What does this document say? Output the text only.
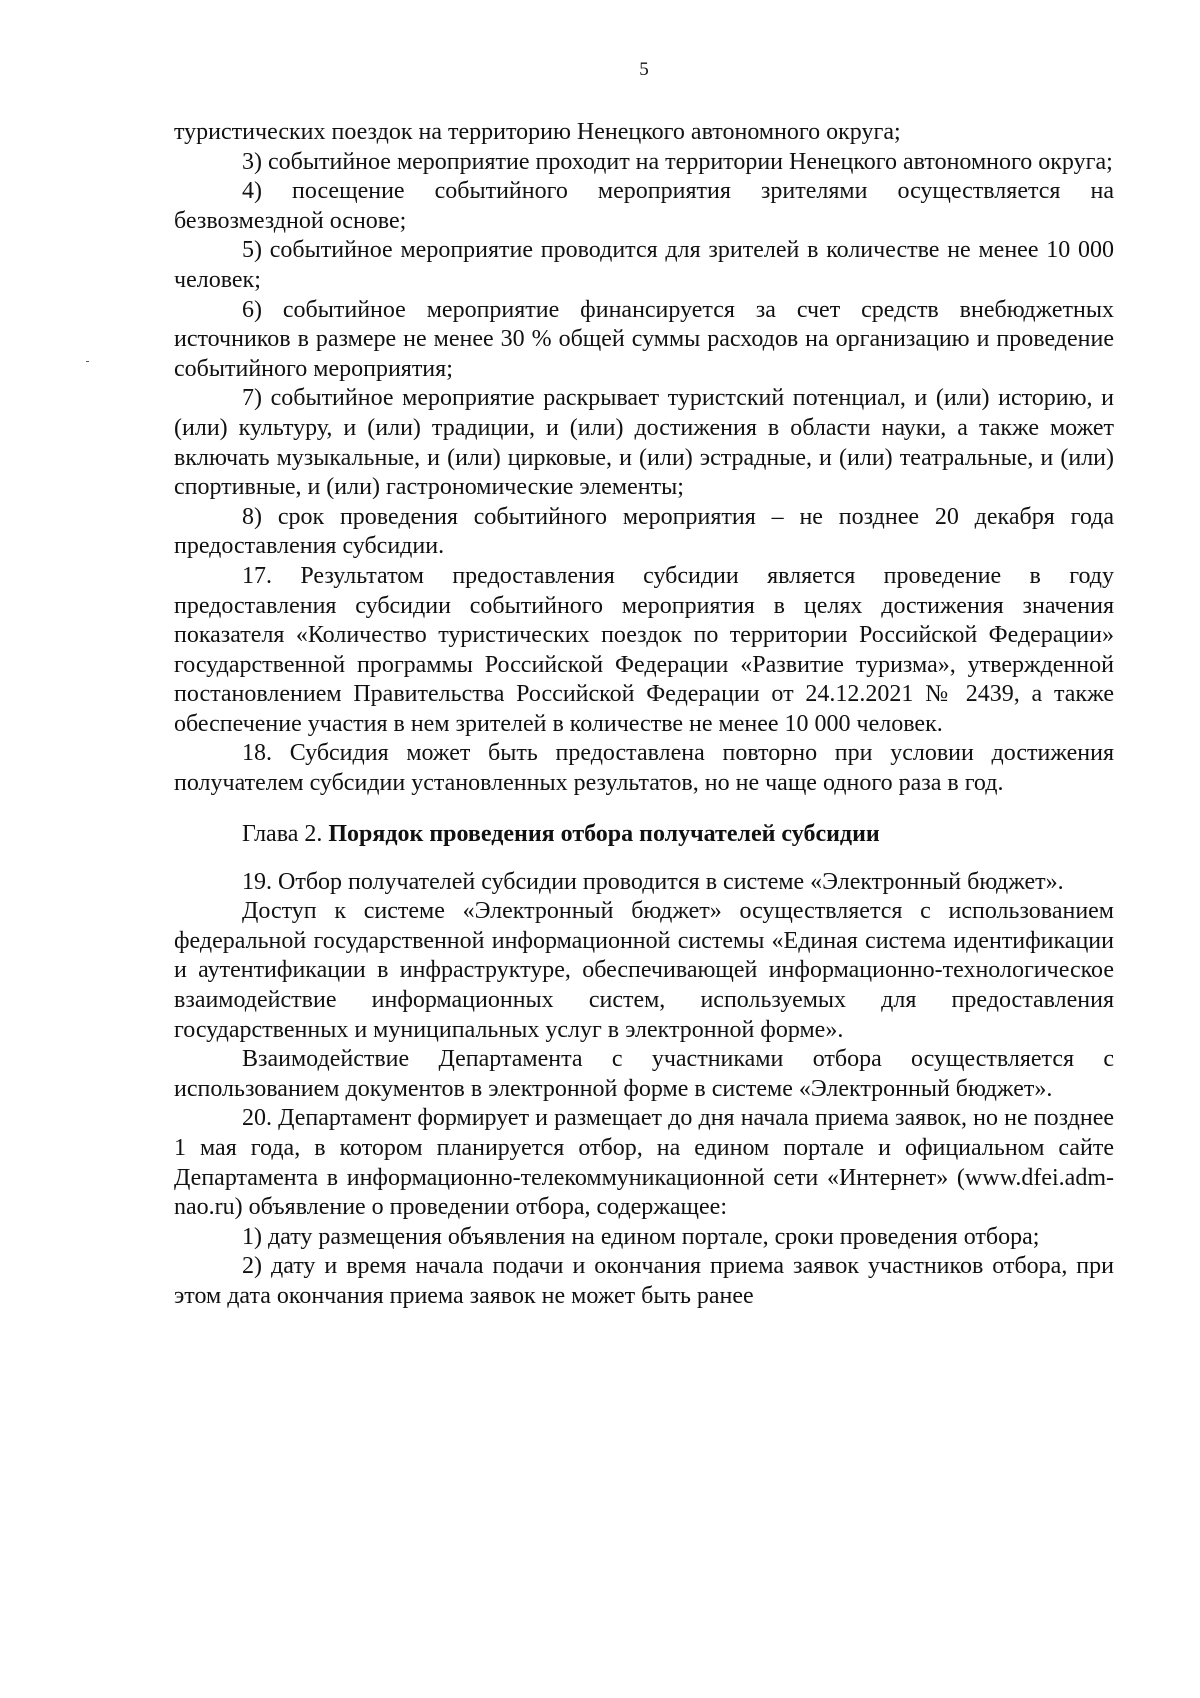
5

туристических поездок на территорию Ненецкого автономного округа;

3) событийное мероприятие проходит на территории Ненецкого автономного округа;

4) посещение событийного мероприятия зрителями осуществляется на безвозмездной основе;

5) событийное мероприятие проводится для зрителей в количестве не менее 10 000 человек;

6) событийное мероприятие финансируется за счет средств внебюджетных источников в размере не менее 30 % общей суммы расходов на организацию и проведение событийного мероприятия;

7) событийное мероприятие раскрывает туристский потенциал, и (или) историю, и (или) культуру, и (или) традиции, и (или) достижения в области науки, а также может включать музыкальные, и (или) цирковые, и (или) эстрадные, и (или) театральные, и (или) спортивные, и (или) гастрономические элементы;

8) срок проведения событийного мероприятия – не позднее 20 декабря года предоставления субсидии.

17. Результатом предоставления субсидии является проведение в году предоставления субсидии событийного мероприятия в целях достижения значения показателя «Количество туристических поездок по территории Российской Федерации» государственной программы Российской Федерации «Развитие туризма», утвержденной постановлением Правительства Российской Федерации от 24.12.2021 № 2439, а также обеспечение участия в нем зрителей в количестве не менее 10 000 человек.

18. Субсидия может быть предоставлена повторно при условии достижения получателем субсидии установленных результатов, но не чаще одного раза в год.

Глава 2. Порядок проведения отбора получателей субсидии

19. Отбор получателей субсидии проводится в системе «Электронный бюджет».

Доступ к системе «Электронный бюджет» осуществляется с использованием федеральной государственной информационной системы «Единая система идентификации и аутентификации в инфраструктуре, обеспечивающей информационно-технологическое взаимодействие информационных систем, используемых для предоставления государственных и муниципальных услуг в электронной форме».

Взаимодействие Департамента с участниками отбора осуществляется с использованием документов в электронной форме в системе «Электронный бюджет».

20. Департамент формирует и размещает до дня начала приема заявок, но не позднее 1 мая года, в котором планируется отбор, на едином портале и официальном сайте Департамента в информационно-телекоммуникационной сети «Интернет» (www.dfei.adm-nao.ru) объявление о проведении отбора, содержащее:

1) дату размещения объявления на едином портале, сроки проведения отбора;

2) дату и время начала подачи и окончания приема заявок участников отбора, при этом дата окончания приема заявок не может быть ранее
